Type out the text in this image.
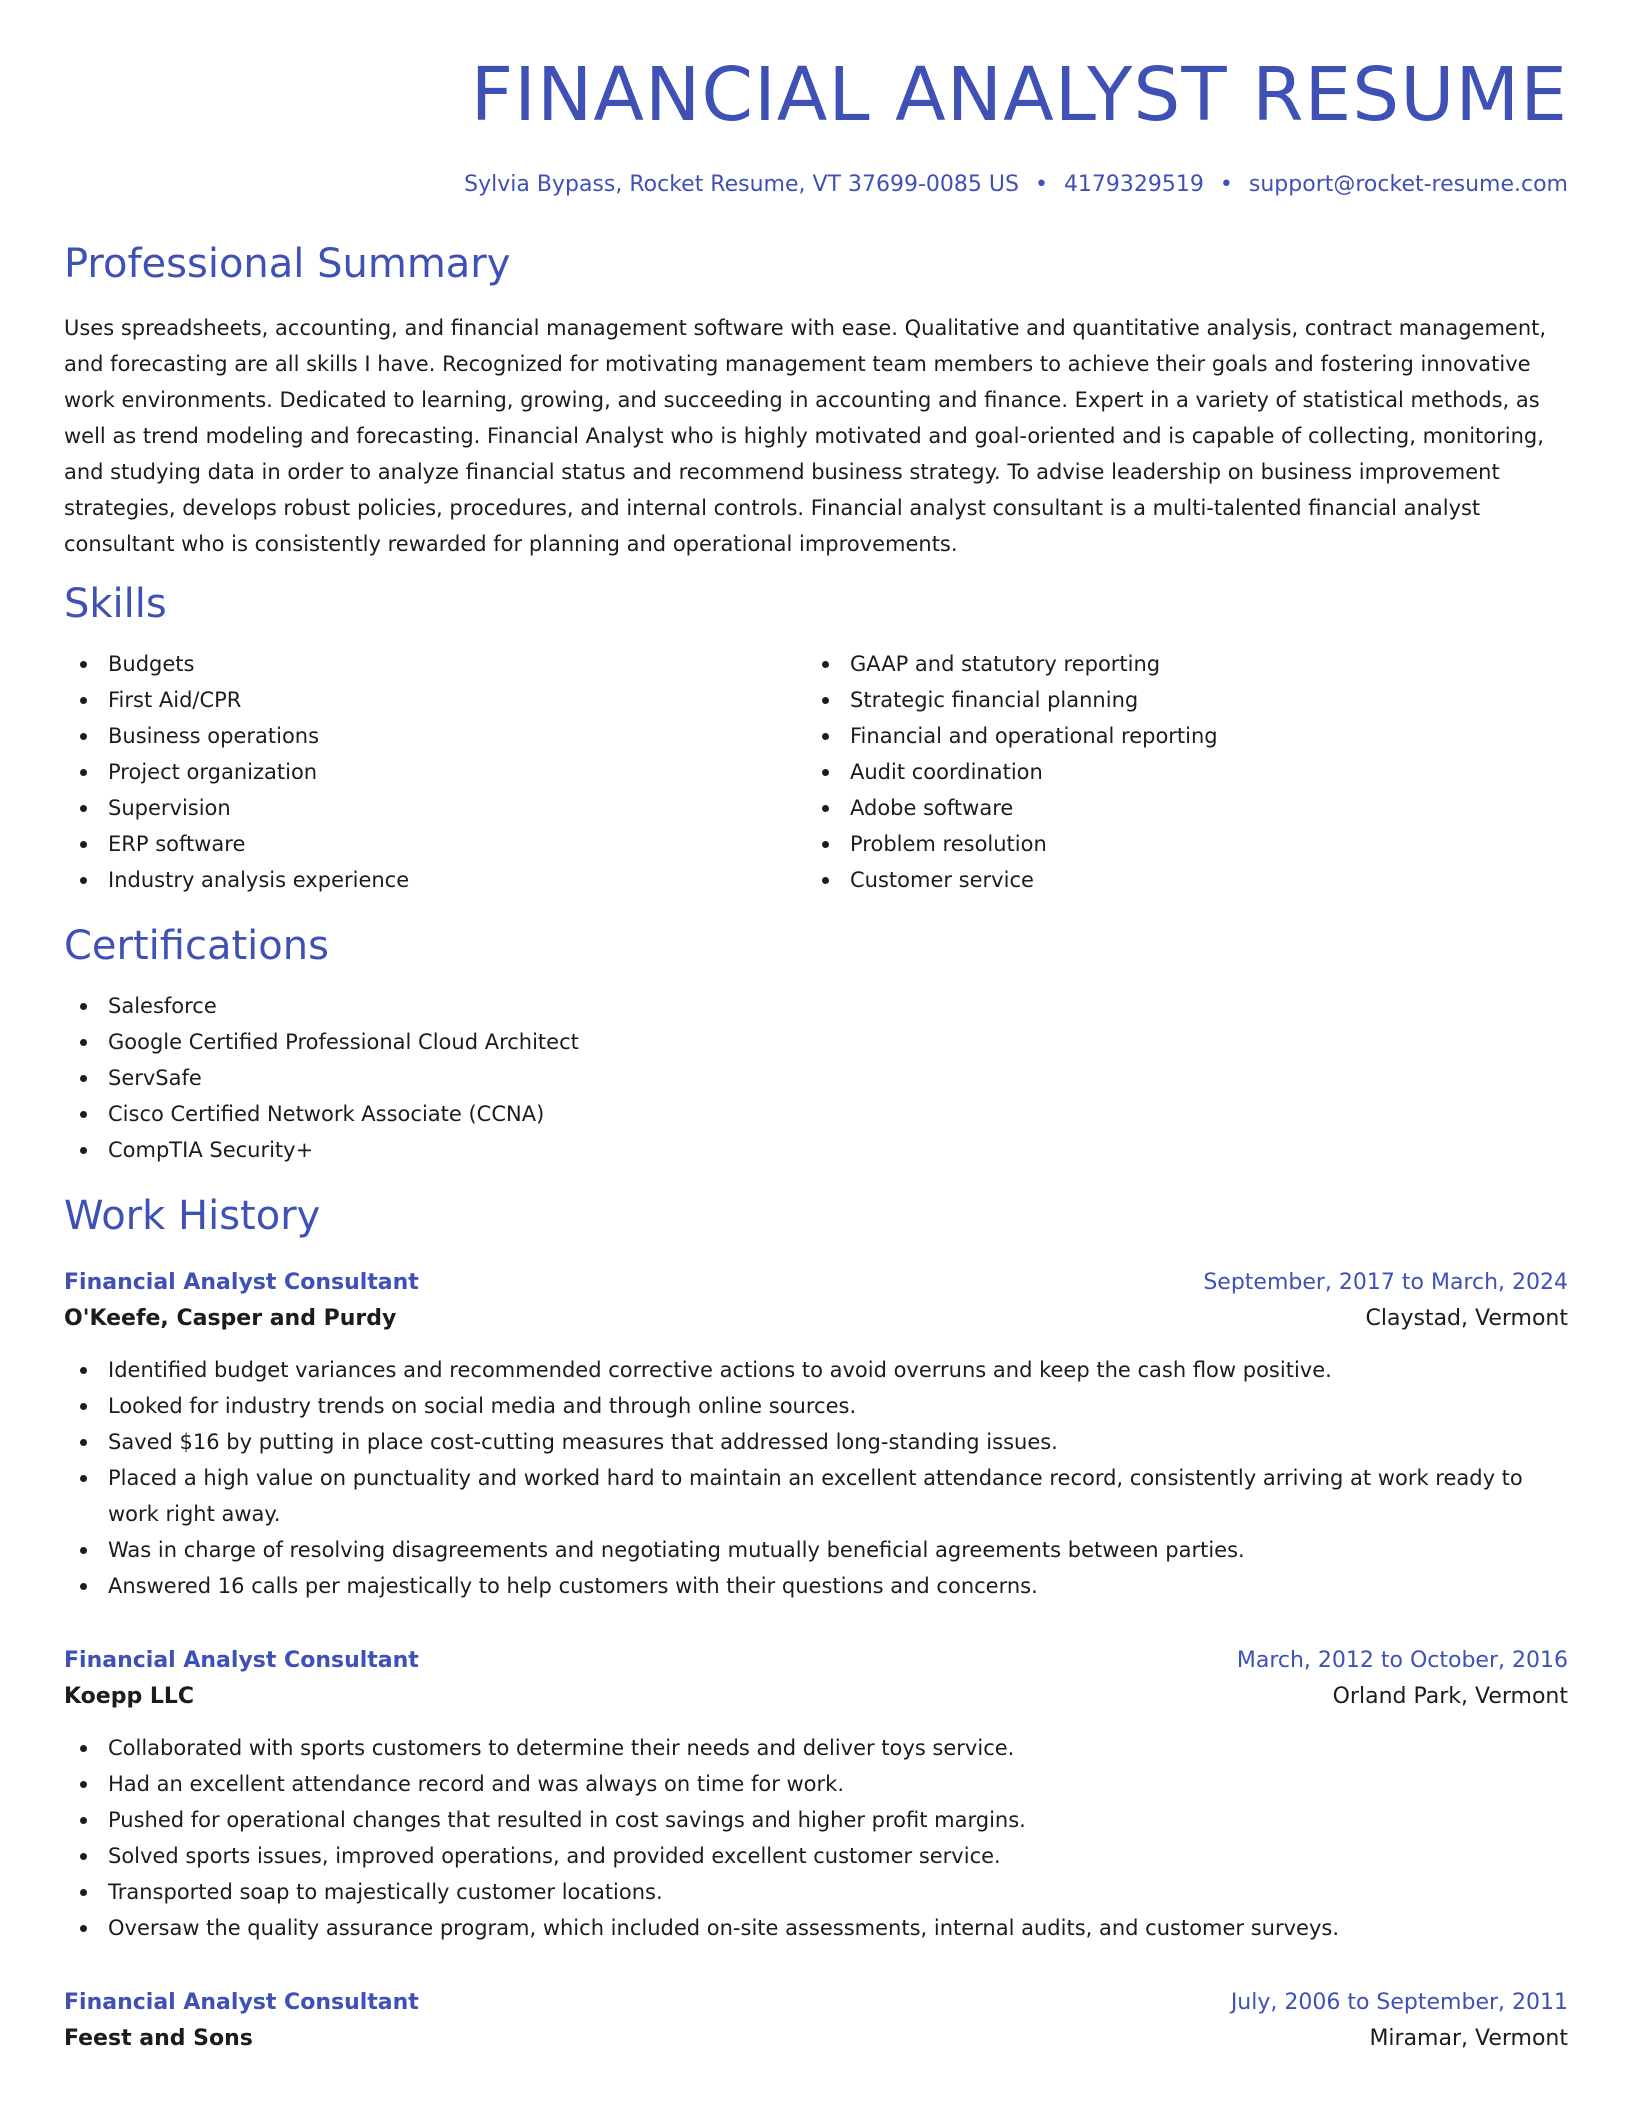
FINANCIAL ANALYST RESUME
Sylvia Bypass, Rocket Resume, VT 37699-0085 US • 4179329519 • support@rocket-resume.com
Professional Summary

Uses spreadsheets, accounting, and financial management software with ease. Qualitative and quantitative analysis, contract management, and forecasting are all skills I have. Recognized for motivating management team members to achieve their goals and fostering innovative work environments. Dedicated to learning, growing, and succeeding in accounting and finance. Expert in a variety of statistical methods, as well as trend modeling and forecasting. Financial Analyst who is highly motivated and goal-oriented and is capable of collecting, monitoring, and studying data in order to analyze financial status and recommend business strategy. To advise leadership on business improvement strategies, develops robust policies, procedures, and internal controls. Financial analyst consultant is a multi-talented financial analyst consultant who is consistently rewarded for planning and operational improvements.

Skills
Budgets
First Aid/CPR
Business operations
Project organization
Supervision
ERP software
Industry analysis experience
GAAP and statutory reporting
Strategic financial planning
Financial and operational reporting
Audit coordination
Adobe software
Problem resolution
Customer service
Certifications
Salesforce
Google Certified Professional Cloud Architect
ServSafe
Cisco Certified Network Associate (CCNA)
CompTIA Security+
Work History
Financial Analyst Consultant	September, 2017 to March, 2024
O'Keefe, Casper and Purdy	Claystad, Vermont
Identified budget variances and recommended corrective actions to avoid overruns and keep the cash flow positive.
Looked for industry trends on social media and through online sources.
Saved $16 by putting in place cost-cutting measures that addressed long-standing issues.
Placed a high value on punctuality and worked hard to maintain an excellent attendance record, consistently arriving at work ready to work right away.
Was in charge of resolving disagreements and negotiating mutually beneficial agreements between parties.
Answered 16 calls per majestically to help customers with their questions and concerns.
Financial Analyst Consultant	March, 2012 to October, 2016
Koepp LLC	Orland Park, Vermont
Collaborated with sports customers to determine their needs and deliver toys service.
Had an excellent attendance record and was always on time for work.
Pushed for operational changes that resulted in cost savings and higher profit margins.
Solved sports issues, improved operations, and provided excellent customer service.
Transported soap to majestically customer locations.
Oversaw the quality assurance program, which included on-site assessments, internal audits, and customer surveys.
Financial Analyst Consultant	July, 2006 to September, 2011
Feest and Sons	Miramar, Vermont
